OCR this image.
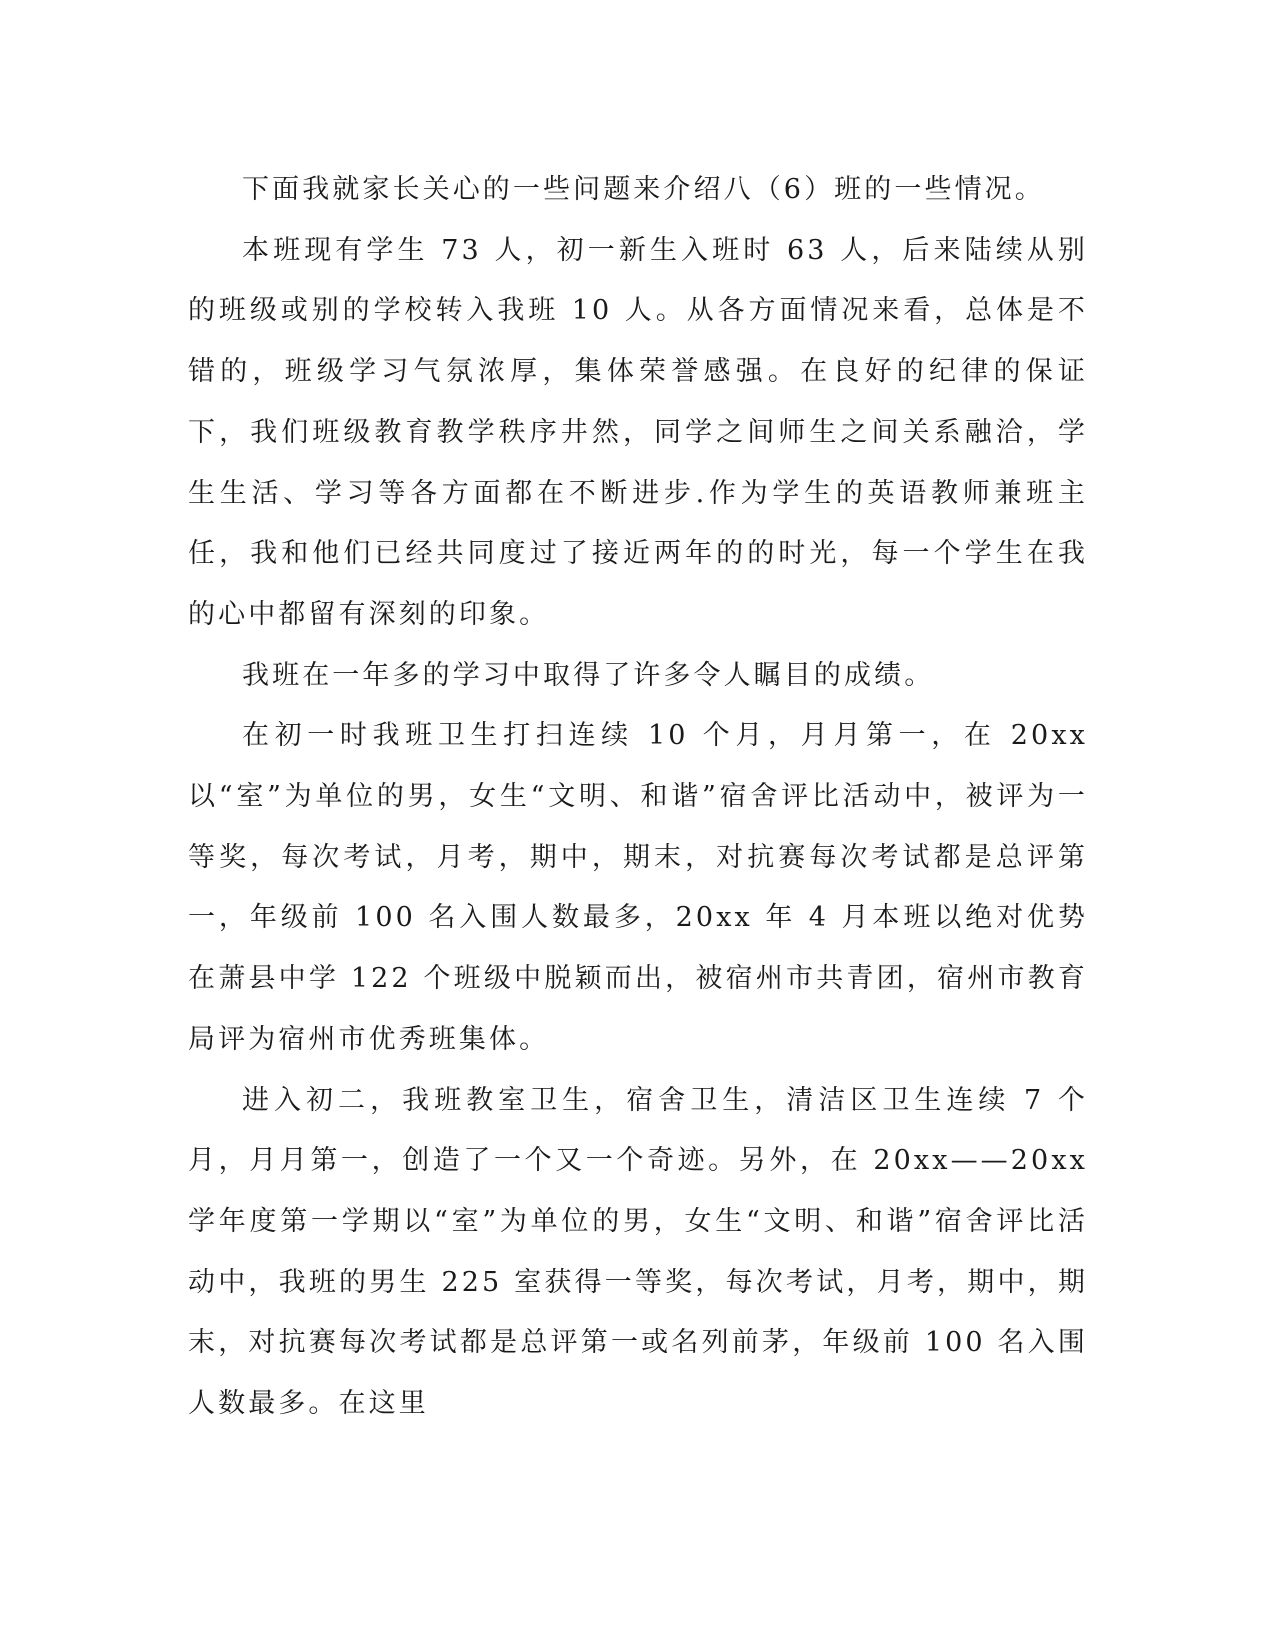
下面我就家长关心的一些问题来介绍八（6）班的一些情况。

本班现有学生 73 人，初一新生入班时 63 人，后来陆续从别的班级或别的学校转入我班 10 人。从各方面情况来看，总体是不错的，班级学习气氛浓厚，集体荣誉感强。在良好的纪律的保证下，我们班级教育教学秩序井然，同学之间师生之间关系融洽，学生生活、学习等各方面都在不断进步.作为学生的英语教师兼班主任，我和他们已经共同度过了接近两年的的时光，每一个学生在我的心中都留有深刻的印象。

我班在一年多的学习中取得了许多令人瞩目的成绩。

在初一时我班卫生打扫连续 10 个月，月月第一，在 20xx 以“室”为单位的男，女生“文明、和谐”宿舍评比活动中，被评为一等奖，每次考试，月考，期中，期末，对抗赛每次考试都是总评第一，年级前 100 名入围人数最多，20xx 年 4 月本班以绝对优势在萧县中学 122 个班级中脱颖而出，被宿州市共青团，宿州市教育局评为宿州市优秀班集体。

进入初二，我班教室卫生，宿舍卫生，清洁区卫生连续 7 个月，月月第一，创造了一个又一个奇迹。另外，在 20xx——20xx 学年度第一学期以“室”为单位的男，女生“文明、和谐”宿舍评比活动中，我班的男生 225 室获得一等奖，每次考试，月考，期中，期末，对抗赛每次考试都是总评第一或名列前茅，年级前 100 名入围人数最多。在这里
